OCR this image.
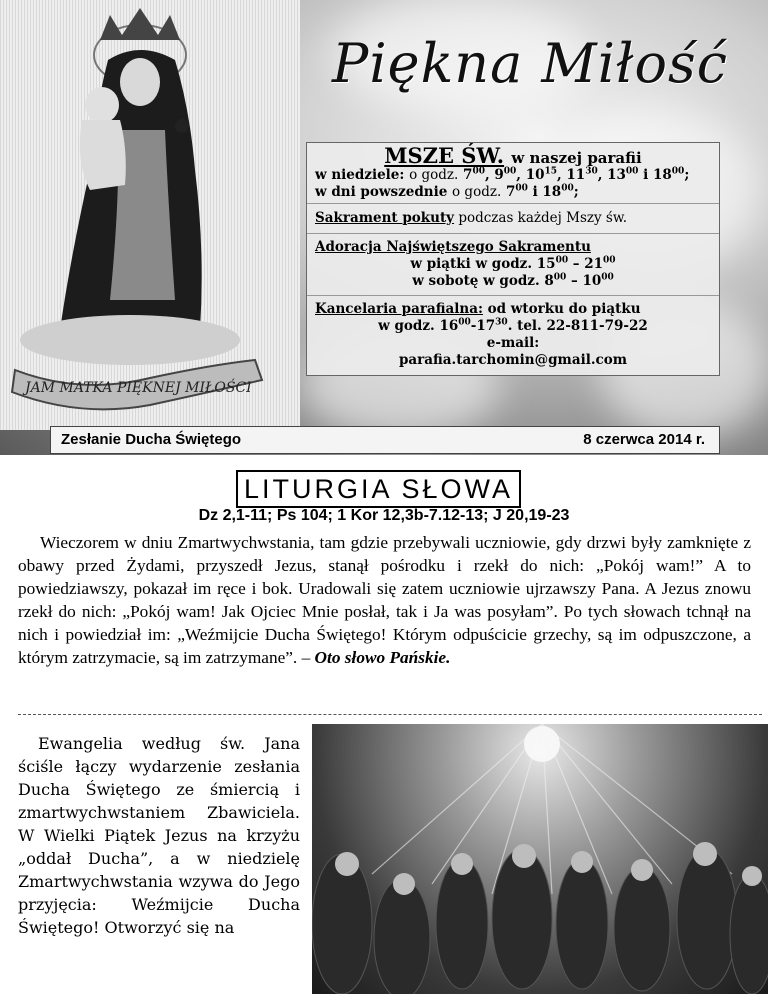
JAM MATKA PIĘKNEJ MIŁOŚCI
Piękna Miłość
MSZE ŚW. w naszej parafii
w niedziele: o godz. $7^{00}$, $9^{00}$, $10^{15}$, $11^{30}$, $13^{00}$ i $18^{00}$;
w dni powszednie o godz. $7^{00}$ i $18^{00}$;
Sakrament pokuty podczas każdej Mszy św.
Adoracja Najświętszego Sakramentu
w piątki w godz. $15^{00} - 21^{00}$
w sobotę w godz. $8^{00} - 10^{00}$
Kancelaria parafialna: od wtorku do piątku
w godz. $16^{00}-17^{30}$. tel. 22-811-79-22
e-mail:
parafia.tarchomin@gmail.com
Zesłanie Ducha Świętego	8 czerwca 2014 r.
LITURGIA SŁOWA
Dz 2,1-11; Ps 104; 1 Kor 12,3b-7.12-13; J 20,19-23
Wieczorem w dniu Zmartwychwstania, tam gdzie przebywali uczniowie, gdy drzwi były zamknięte z obawy przed Żydami, przyszedł Jezus, stanął pośrodku i rzekł do nich: „Pokój wam!” A to powiedziawszy, pokazał im ręce i bok. Uradowali się zatem uczniowie ujrzawszy Pana. A Jezus znowu rzekł do nich: „Pokój wam! Jak Ojciec Mnie posłał, tak i Ja was posyłam”. Po tych słowach tchnął na nich i powiedział im: „Weźmijcie Ducha Świętego! Którym odpuścicie grzechy, są im odpuszczone, a którym zatrzymacie, są im zatrzymane”. – Oto słowo Pańskie.
Ewangelia według św. Jana ściśle łączy wydarzenie zesłania Ducha Świętego ze śmiercią i zmartwychwstaniem Zbawiciela. W Wielki Piątek Jezus na krzyżu „oddał Ducha”, a w niedzielę Zmartwychwstania wzywa do Jego przyjęcia: Weźmijcie Ducha Świętego! Otworzyć się na
